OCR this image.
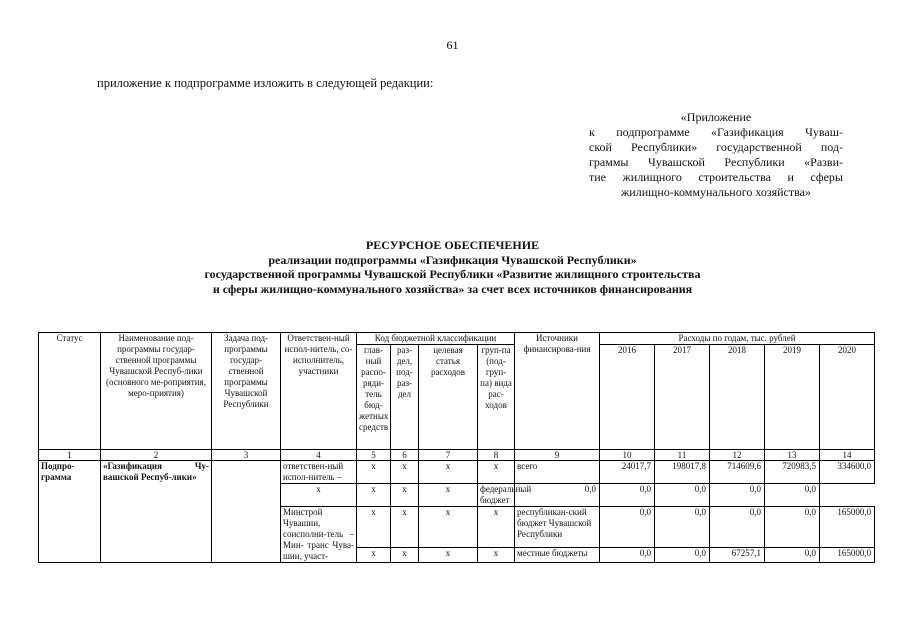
61
приложение к подпрограмме изложить в следующей редакции:
«Приложение
к подпрограмме «Газификация Чуваш-
ской Республики» государственной под-
граммы Чувашской Республики «Разви-
тие жилищного строительства и сферы
жилищно-коммунального хозяйства»
РЕСУРСНОЕ ОБЕСПЕЧЕНИЕ
реализации подпрограммы «Газификация Чувашской Республики»
государственной программы Чувашской Республики «Развитие жилищного строительства
и сферы жилищно-коммунального хозяйства» за счет всех источников финансирования
Статус	Наименование под-программы государ-ственной программы Чувашской Респуб-лики (основного ме-роприятия, меро-приятия)	Задача под-программы государ-ственной программы Чувашской Республики	Ответствен-ный испол-нитель, со-исполнитель, участники	Код бюджетной классификации				Источники финансирова-ния	Расходы по годам, тыс. рублей				
				глав-ный распо-ряди-тель бюд-жетных средств	раз-дел, под-раз-дел	целевая статья расходов	груп-па (под-груп-па) вида рас-ходов		2016	2017	2018	2019	2020
1	2	3	4	5	6	7	8	9	10	11	12	13	14
Подпро-грамма	«Газификация Чу-вашской Респуб-лики»		ответствен-ный испол-нитель –	x	x	x	x	всего	24017,7	198017,8	714609,6	720983,5	334600,0
			x	x	x	x	федеральный бюджет	0,0	0,0	0,0	0,0	0,0	
			Минстрой Чувашии, соисполни-тель – Мин- транс Чува-шии, участ-	x	x	x	x	республикан-ский бюджет Чувашской Республики	0,0	0,0	0,0	0,0	165000,0
				x	x	x	x	местные бюджеты	0,0	0,0	67257,1	0,0	165000,0
